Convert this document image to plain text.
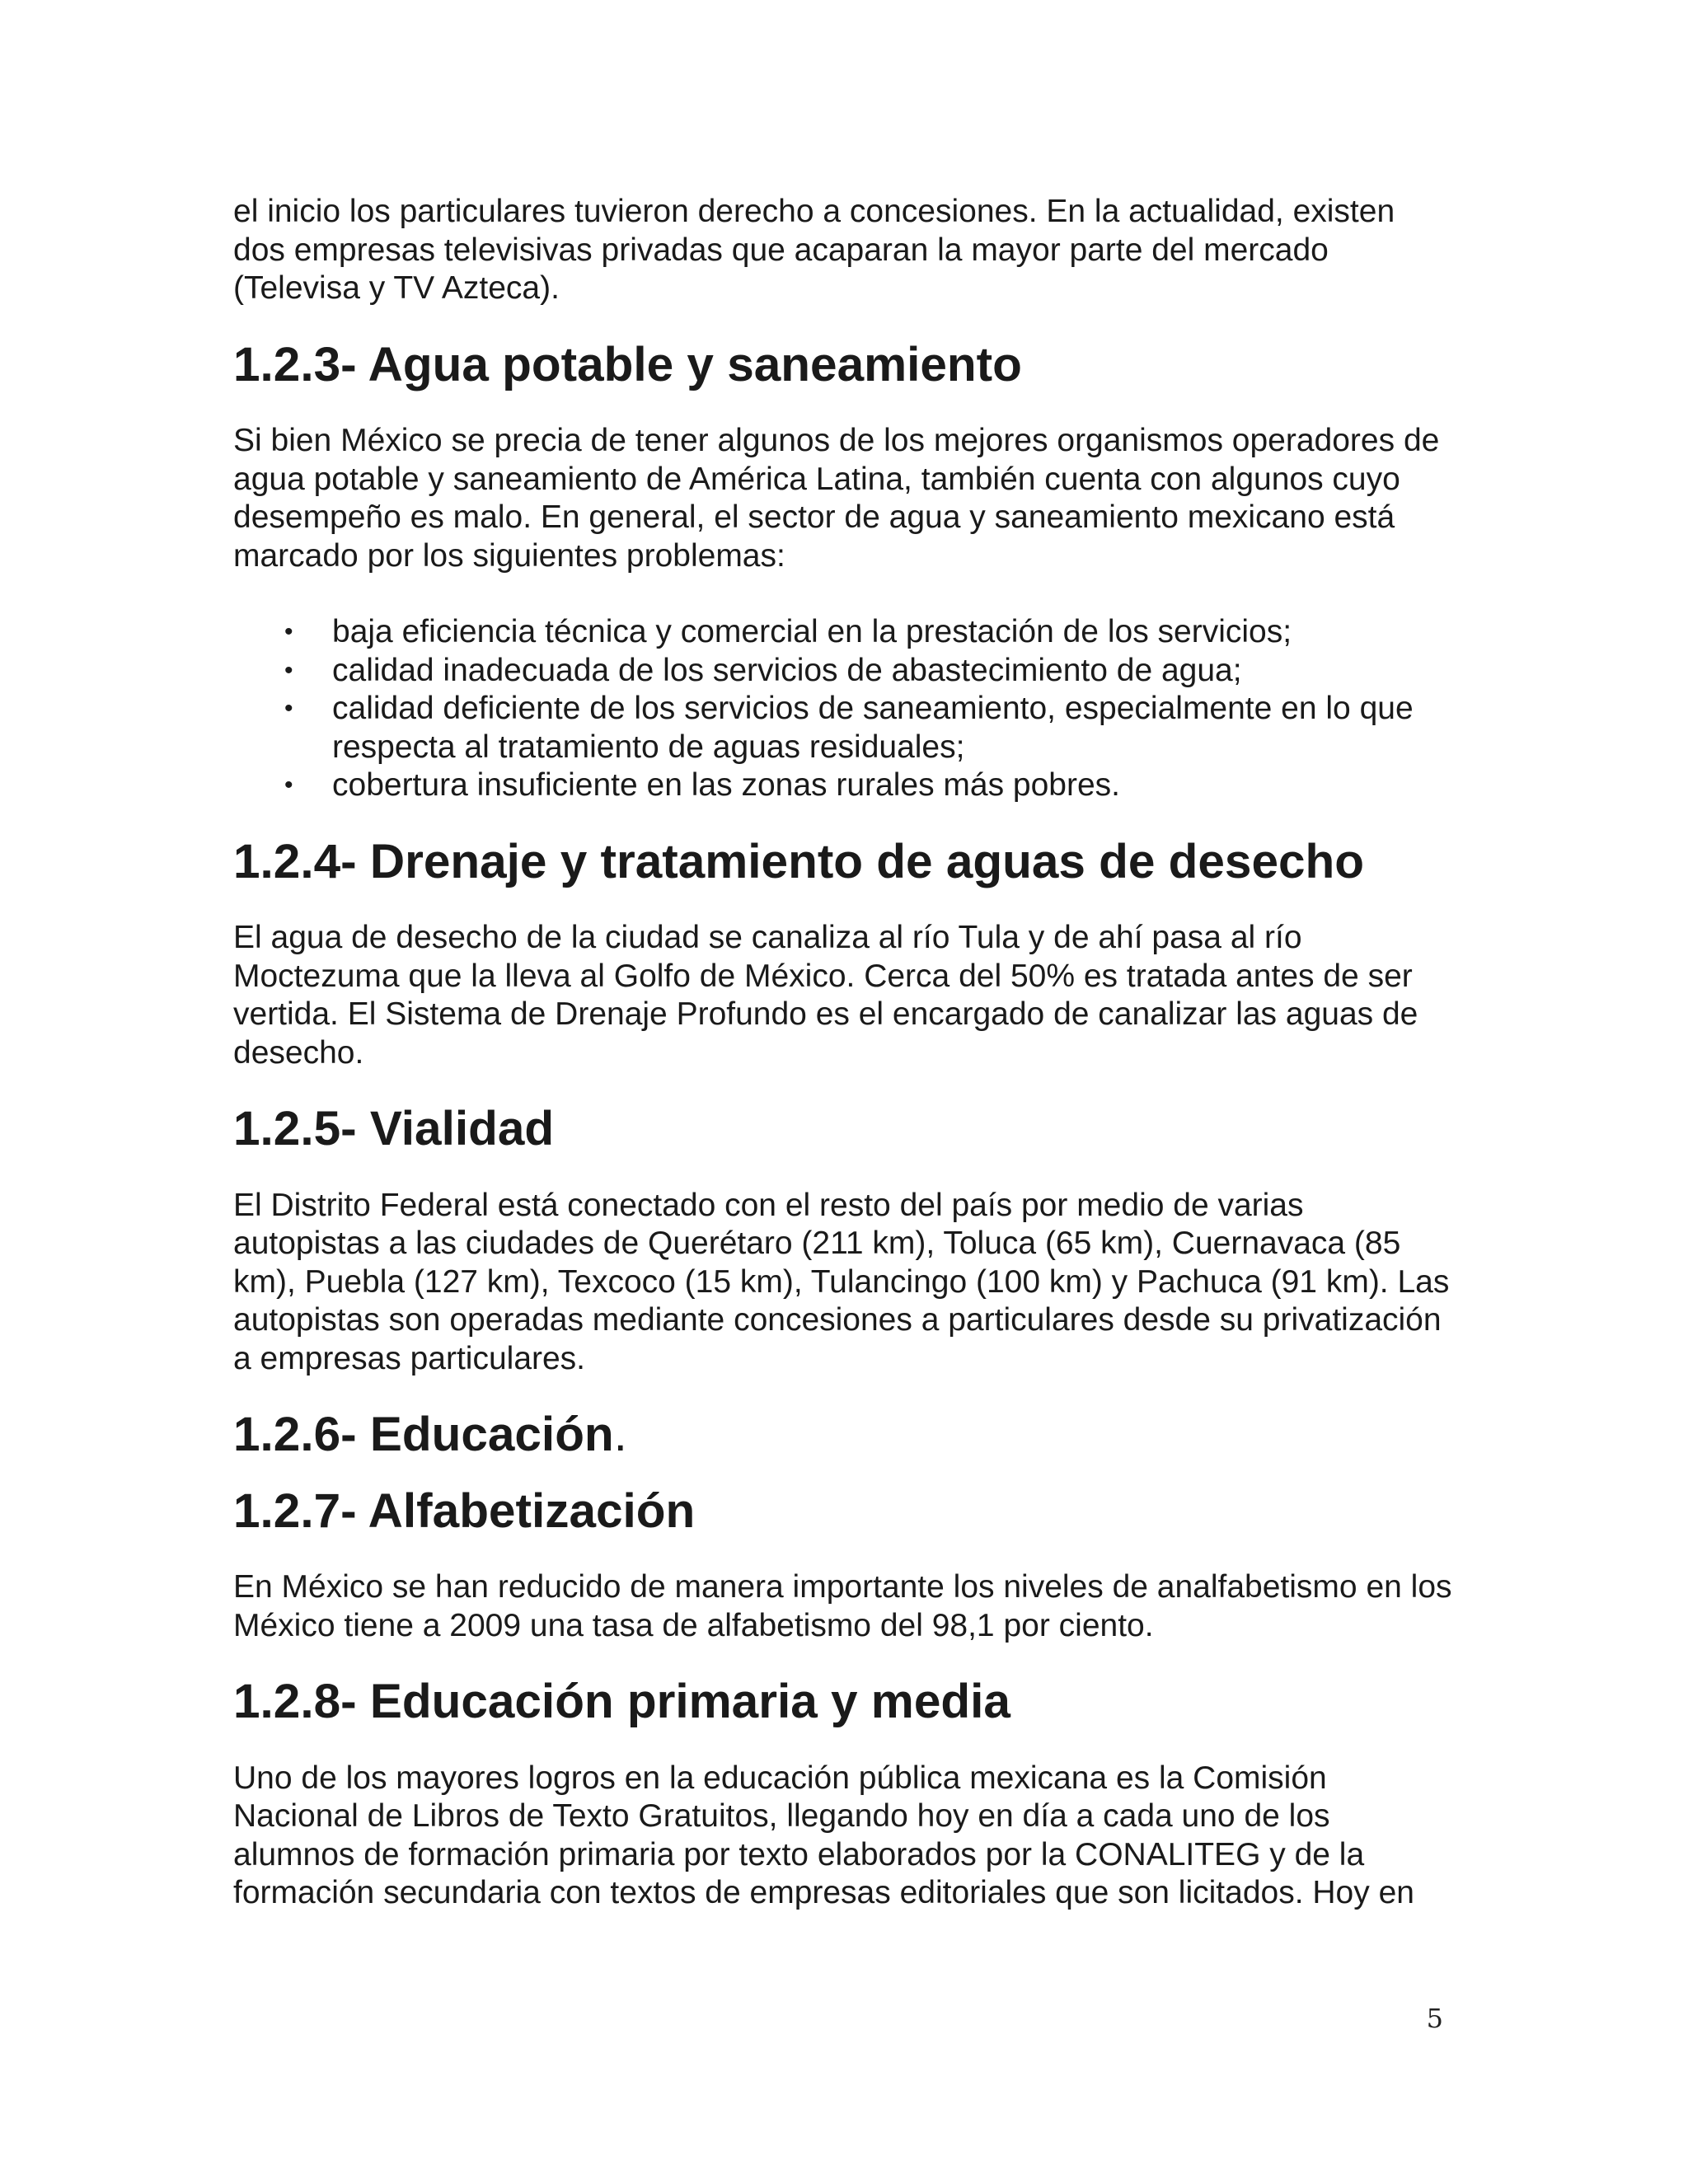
el inicio los particulares tuvieron derecho a concesiones. En la actualidad, existen dos empresas televisivas privadas que acaparan la mayor parte del mercado (Televisa y TV Azteca).

1.2.3- Agua potable y saneamiento

Si bien México se precia de tener algunos de los mejores organismos operadores de agua potable y saneamiento de América Latina, también cuenta con algunos cuyo desempeño es malo. En general, el sector de agua y saneamiento mexicano está marcado por los siguientes problemas:

• baja eficiencia técnica y comercial en la prestación de los servicios;
• calidad inadecuada de los servicios de abastecimiento de agua;
• calidad deficiente de los servicios de saneamiento, especialmente en lo que respecta al tratamiento de aguas residuales;
• cobertura insuficiente en las zonas rurales más pobres.
1.2.4- Drenaje y tratamiento de aguas de desecho

El agua de desecho de la ciudad se canaliza al río Tula y de ahí pasa al río Moctezuma que la lleva al Golfo de México. Cerca del 50% es tratada antes de ser vertida. El Sistema de Drenaje Profundo es el encargado de canalizar las aguas de desecho.

1.2.5- Vialidad

El Distrito Federal está conectado con el resto del país por medio de varias autopistas a las ciudades de Querétaro (211 km), Toluca (65 km), Cuernavaca (85 km), Puebla (127 km), Texcoco (15 km), Tulancingo (100 km) y Pachuca (91 km). Las autopistas son operadas mediante concesiones a particulares desde su privatización a empresas particulares.

1.2.6- Educación.
1.2.7- Alfabetización

En México se han reducido de manera importante los niveles de analfabetismo en los México tiene a 2009 una tasa de alfabetismo del 98,1 por ciento.

1.2.8- Educación primaria y media

Uno de los mayores logros en la educación pública mexicana es la Comisión Nacional de Libros de Texto Gratuitos, llegando hoy en día a cada uno de los alumnos de formación primaria por texto elaborados por la CONALITEG y de la formación secundaria con textos de empresas editoriales que son licitados. Hoy en

5
